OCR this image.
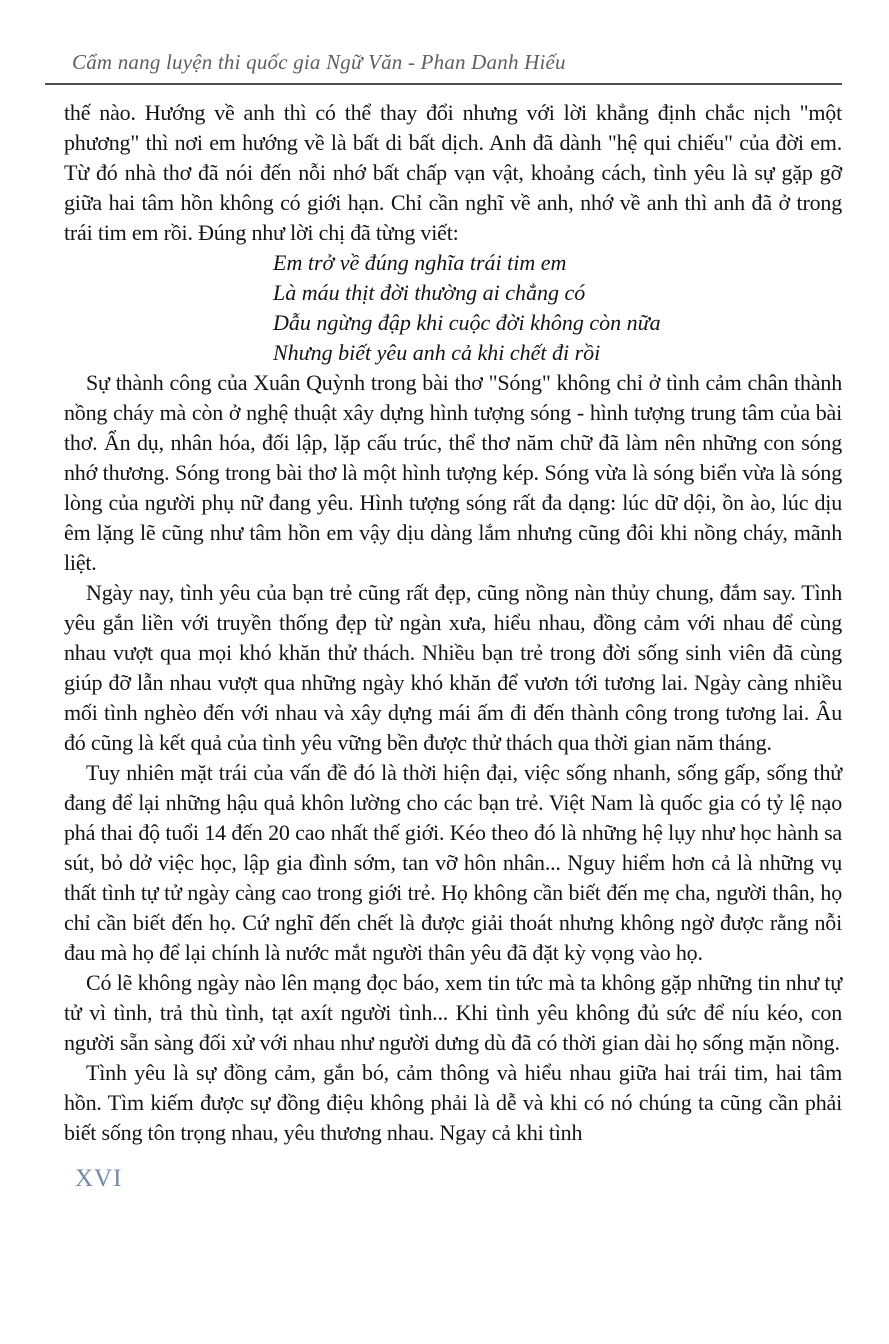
Cẩm nang luyện thi quốc gia Ngữ Văn - Phan Danh Hiếu

thế nào. Hướng về anh thì có thể thay đổi nhưng với lời khẳng định chắc nịch "một phương" thì nơi em hướng về là bất di bất dịch. Anh đã dành "hệ qui chiếu" của đời em. Từ đó nhà thơ đã nói đến nỗi nhớ bất chấp vạn vật, khoảng cách, tình yêu là sự gặp gỡ giữa hai tâm hồn không có giới hạn. Chỉ cần nghĩ về anh, nhớ về anh thì anh đã ở trong trái tim em rồi. Đúng như lời chị đã từng viết:

Em trở về đúng nghĩa trái tim em
Là máu thịt đời thường ai chẳng có
Dẫu ngừng đập khi cuộc đời không còn nữa
Nhưng biết yêu anh cả khi chết đi rồi

Sự thành công của Xuân Quỳnh trong bài thơ "Sóng" không chỉ ở tình cảm chân thành nồng cháy mà còn ở nghệ thuật xây dựng hình tượng sóng - hình tượng trung tâm của bài thơ. Ẩn dụ, nhân hóa, đối lập, lặp cấu trúc, thể thơ năm chữ đã làm nên những con sóng nhớ thương. Sóng trong bài thơ là một hình tượng kép. Sóng vừa là sóng biển vừa là sóng lòng của người phụ nữ đang yêu. Hình tượng sóng rất đa dạng: lúc dữ dội, ồn ào, lúc dịu êm lặng lẽ cũng như tâm hồn em vậy dịu dàng lắm nhưng cũng đôi khi nồng cháy, mãnh liệt.

Ngày nay, tình yêu của bạn trẻ cũng rất đẹp, cũng nồng nàn thủy chung, đắm say. Tình yêu gắn liền với truyền thống đẹp từ ngàn xưa, hiểu nhau, đồng cảm với nhau để cùng nhau vượt qua mọi khó khăn thử thách. Nhiều bạn trẻ trong đời sống sinh viên đã cùng giúp đỡ lẫn nhau vượt qua những ngày khó khăn để vươn tới tương lai. Ngày càng nhiều mối tình nghèo đến với nhau và xây dựng mái ấm đi đến thành công trong tương lai. Âu đó cũng là kết quả của tình yêu vững bền được thử thách qua thời gian năm tháng.

Tuy nhiên mặt trái của vấn đề đó là thời hiện đại, việc sống nhanh, sống gấp, sống thử đang để lại những hậu quả khôn lường cho các bạn trẻ. Việt Nam là quốc gia có tỷ lệ nạo phá thai độ tuổi 14 đến 20 cao nhất thế giới. Kéo theo đó là những hệ lụy như học hành sa sút, bỏ dở việc học, lập gia đình sớm, tan vỡ hôn nhân... Nguy hiểm hơn cả là những vụ thất tình tự tử ngày càng cao trong giới trẻ. Họ không cần biết đến mẹ cha, người thân, họ chỉ cần biết đến họ. Cứ nghĩ đến chết là được giải thoát nhưng không ngờ được rằng nỗi đau mà họ để lại chính là nước mắt người thân yêu đã đặt kỳ vọng vào họ.

Có lẽ không ngày nào lên mạng đọc báo, xem tin tức mà ta không gặp những tin như tự tử vì tình, trả thù tình, tạt axít người tình... Khi tình yêu không đủ sức để níu kéo, con người sẵn sàng đối xử với nhau như người dưng dù đã có thời gian dài họ sống mặn nồng.

Tình yêu là sự đồng cảm, gắn bó, cảm thông và hiểu nhau giữa hai trái tim, hai tâm hồn. Tìm kiếm được sự đồng điệu không phải là dễ và khi có nó chúng ta cũng cần phải biết sống tôn trọng nhau, yêu thương nhau. Ngay cả khi tình

XVI
